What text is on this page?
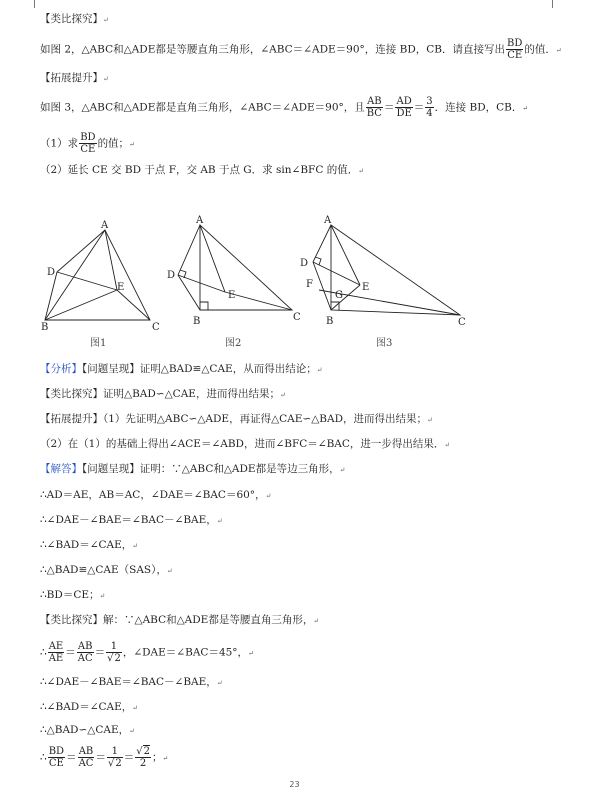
【类比探究】↵
如图 2，△ABC和△ADE都是等腰直角三角形，∠ABC＝∠ADE＝90°，连接 BD，CB．请直接写出 $\frac{BD}{CE}$ 的值．↵
【拓展提升】↵
如图 3，△ABC和△ADE都是直角三角形，∠ABC＝∠ADE＝90°，且 $\frac{AB}{BC} = \frac{AD}{DE} = \frac{3}{4}$ ．连接 BD，CB．↵
（1）求 $\frac{BD}{CE}$ 的值；↵
（2）延长 CE 交 BD 于点 F，交 AB 于点 G．求 sin∠BFC 的值．↵
A
D
E
B	C
A
D
E
B	C
A
D
E
F
G
B	C
图1	图2	图3
【分析】【问题呈现】证明△BAD≌△CAE，从而得出结论；↵
【类比探究】证明△BAD∽△CAE，进而得出结果；↵
【拓展提升】（1）先证明△ABC∽△ADE，再证得△CAE∽△BAD，进而得出结果；↵
（2）在（1）的基础上得出∠ACE＝∠ABD，进而∠BFC＝∠BAC，进一步得出结果．↵
【解答】【问题呈现】证明：∵△ABC和△ADE都是等边三角形，↵
∴AD＝AE，AB＝AC，∠DAE＝∠BAC＝60°，↵
∴∠DAE－∠BAE＝∠BAC－∠BAE，↵
∴∠BAD＝∠CAE，↵
∴△BAD≌△CAE（SAS），↵
∴BD＝CE；↵
【类比探究】解：∵△ABC和△ADE都是等腰直角三角形，↵
∴ $\frac{AE}{AE} = \frac{AB}{AC} = \frac{1}{√2}$ ，∠DAE＝∠BAC＝45°，↵
∴∠DAE－∠BAE＝∠BAC－∠BAE，↵
∴∠BAD＝∠CAE，↵
∴△BAD∽△CAE，↵
∴ $\frac{BD}{CE} = \frac{AB}{AC} = \frac{1}{√2} = \frac{√2}{2}$ ；↵
23
